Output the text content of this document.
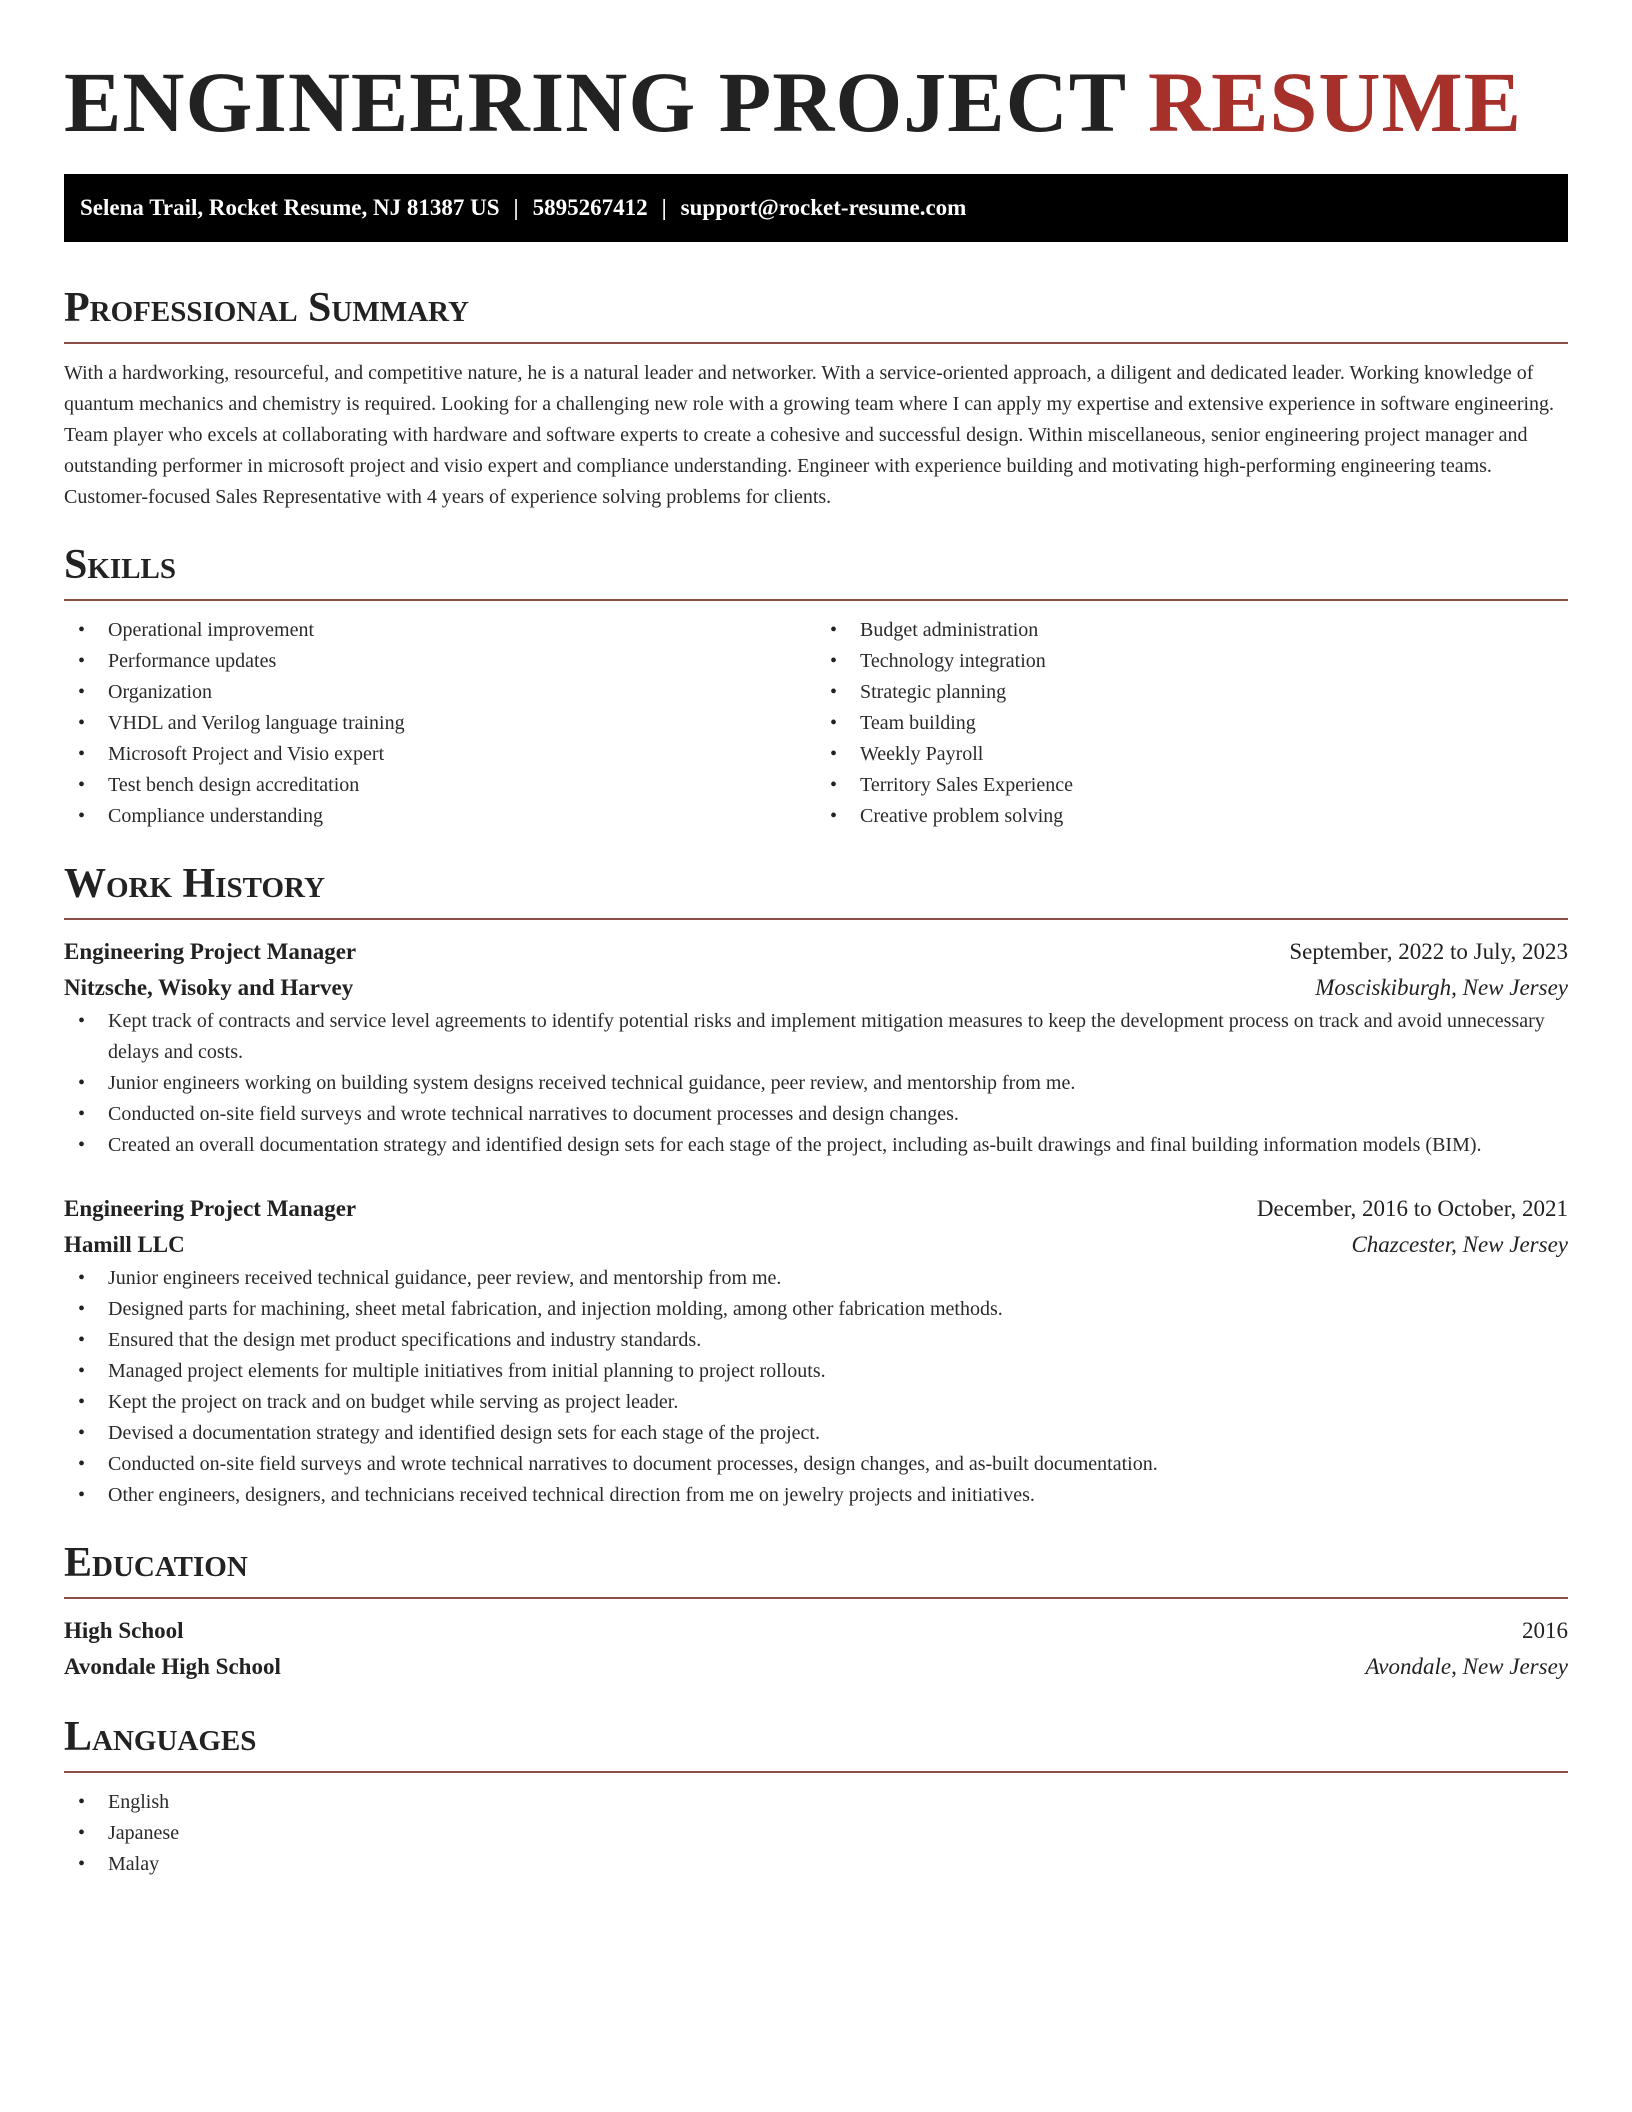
ENGINEERING PROJECT RESUME
Selena Trail, Rocket Resume, NJ 81387 US | 5895267412 | support@rocket-resume.com
Professional Summary

With a hardworking, resourceful, and competitive nature, he is a natural leader and networker. With a service-oriented approach, a diligent and dedicated leader. Working knowledge of quantum mechanics and chemistry is required. Looking for a challenging new role with a growing team where I can apply my expertise and extensive experience in software engineering. Team player who excels at collaborating with hardware and software experts to create a cohesive and successful design. Within miscellaneous, senior engineering project manager and outstanding performer in microsoft project and visio expert and compliance understanding. Engineer with experience building and motivating high-performing engineering teams. Customer-focused Sales Representative with 4 years of experience solving problems for clients.

Skills
• Operational improvement
• Performance updates
• Organization
• VHDL and Verilog language training
• Microsoft Project and Visio expert
• Test bench design accreditation
• Compliance understanding
• Budget administration
• Technology integration
• Strategic planning
• Team building
• Weekly Payroll
• Territory Sales Experience
• Creative problem solving
Work History
Engineering Project Manager	September, 2022 to July, 2023
Nitzsche, Wisoky and Harvey	Mosciskiburgh, New Jersey
• Kept track of contracts and service level agreements to identify potential risks and implement mitigation measures to keep the development process on track and avoid unnecessary delays and costs.
• Junior engineers working on building system designs received technical guidance, peer review, and mentorship from me.
• Conducted on-site field surveys and wrote technical narratives to document processes and design changes.
• Created an overall documentation strategy and identified design sets for each stage of the project, including as-built drawings and final building information models (BIM).
Engineering Project Manager	December, 2016 to October, 2021
Hamill LLC	Chazcester, New Jersey
• Junior engineers received technical guidance, peer review, and mentorship from me.
• Designed parts for machining, sheet metal fabrication, and injection molding, among other fabrication methods.
• Ensured that the design met product specifications and industry standards.
• Managed project elements for multiple initiatives from initial planning to project rollouts.
• Kept the project on track and on budget while serving as project leader.
• Devised a documentation strategy and identified design sets for each stage of the project.
• Conducted on-site field surveys and wrote technical narratives to document processes, design changes, and as-built documentation.
• Other engineers, designers, and technicians received technical direction from me on jewelry projects and initiatives.
Education
High School	2016
Avondale High School	Avondale, New Jersey
Languages
• English
• Japanese
• Malay
